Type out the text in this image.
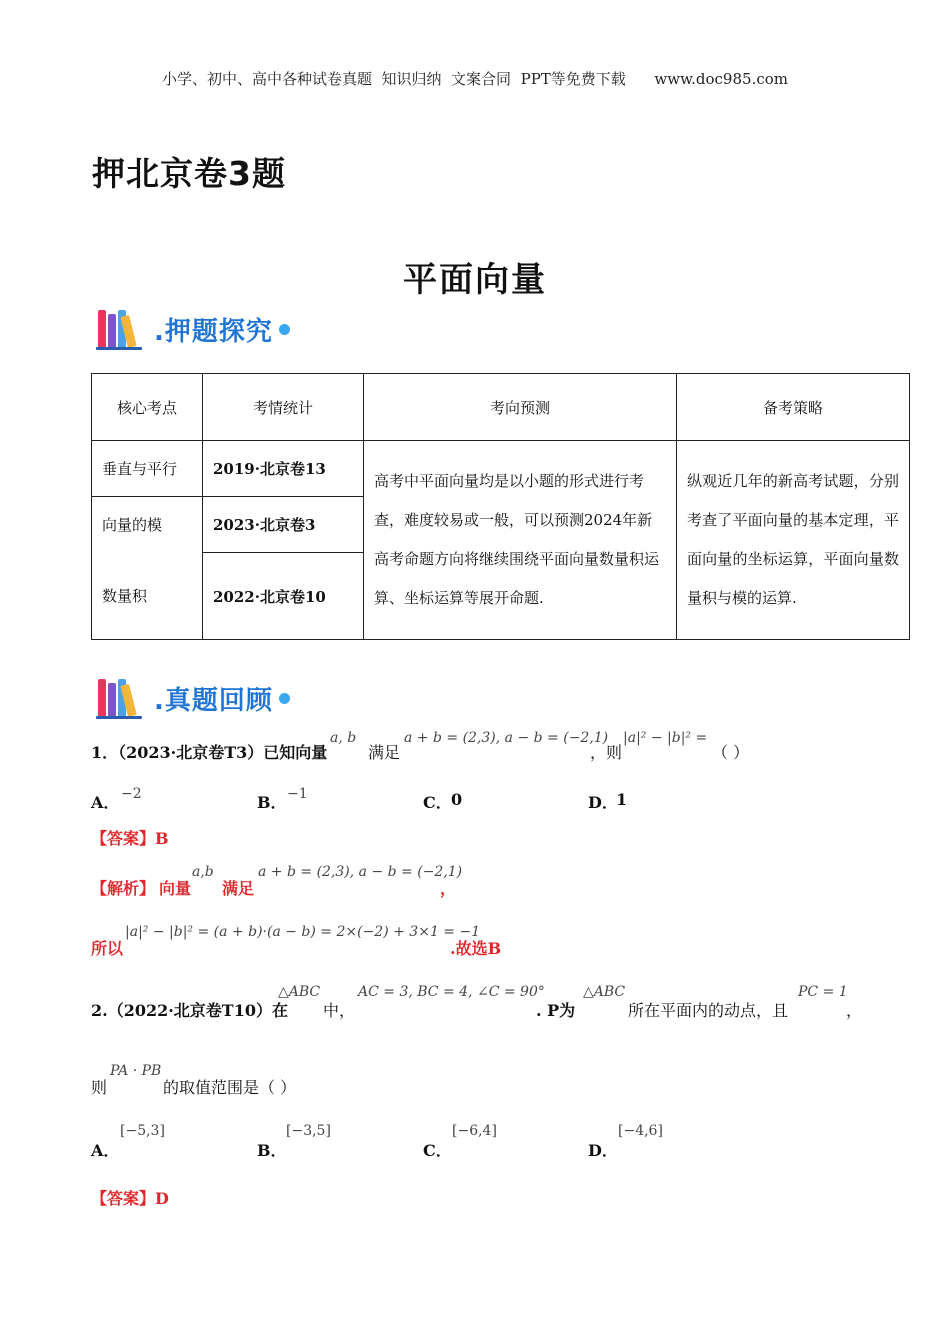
小学、初中、高中各种试卷真题  知识归纳  文案合同  PPT等免费下载      www.doc985.com
押北京卷3题
平面向量
.押题探究
核心考点	考情统计	考向预测	备考策略
垂直与平行	2019·北京卷13	高考中平面向量均是以小题的形式进行考查，难度较易或一般，可以预测2024年新高考命题方向将继续围绕平面向量数量积运算、坐标运算等展开命题.	纵观近几年的新高考试题，分别考查了平面向量的基本定理，平面向量的坐标运算，平面向量数量积与模的运算.
向量的模	2023·北京卷3		
数量积	2022·北京卷10		
.真题回顾
1．（2023·北京卷T3）已知向量
a, b
满足
a + b = (2,3), a − b = (−2,1)
，则
|a|² − |b|² =
（ ）
A． −2	B． −1	C． 0	D．
1
【答案】B
【解析】 向量
a,b
满足
a + b = (2,3), a − b = (−2,1)
，
所以
|a|² − |b|² = (a + b)·(a − b) = 2×(−2) + 3×1 = −1
.故选B
2.（2022·北京卷T10）在
△ABC
中，
AC = 3, BC = 4, ∠C = 90°
. P为
△ABC
所在平面内的动点，且
PC = 1
，
则
PA · PB
的取值范围是（ ）
A．
[−5,3]
B．
[−3,5]
C．
[−6,4]
D．
[−4,6]
【答案】D
